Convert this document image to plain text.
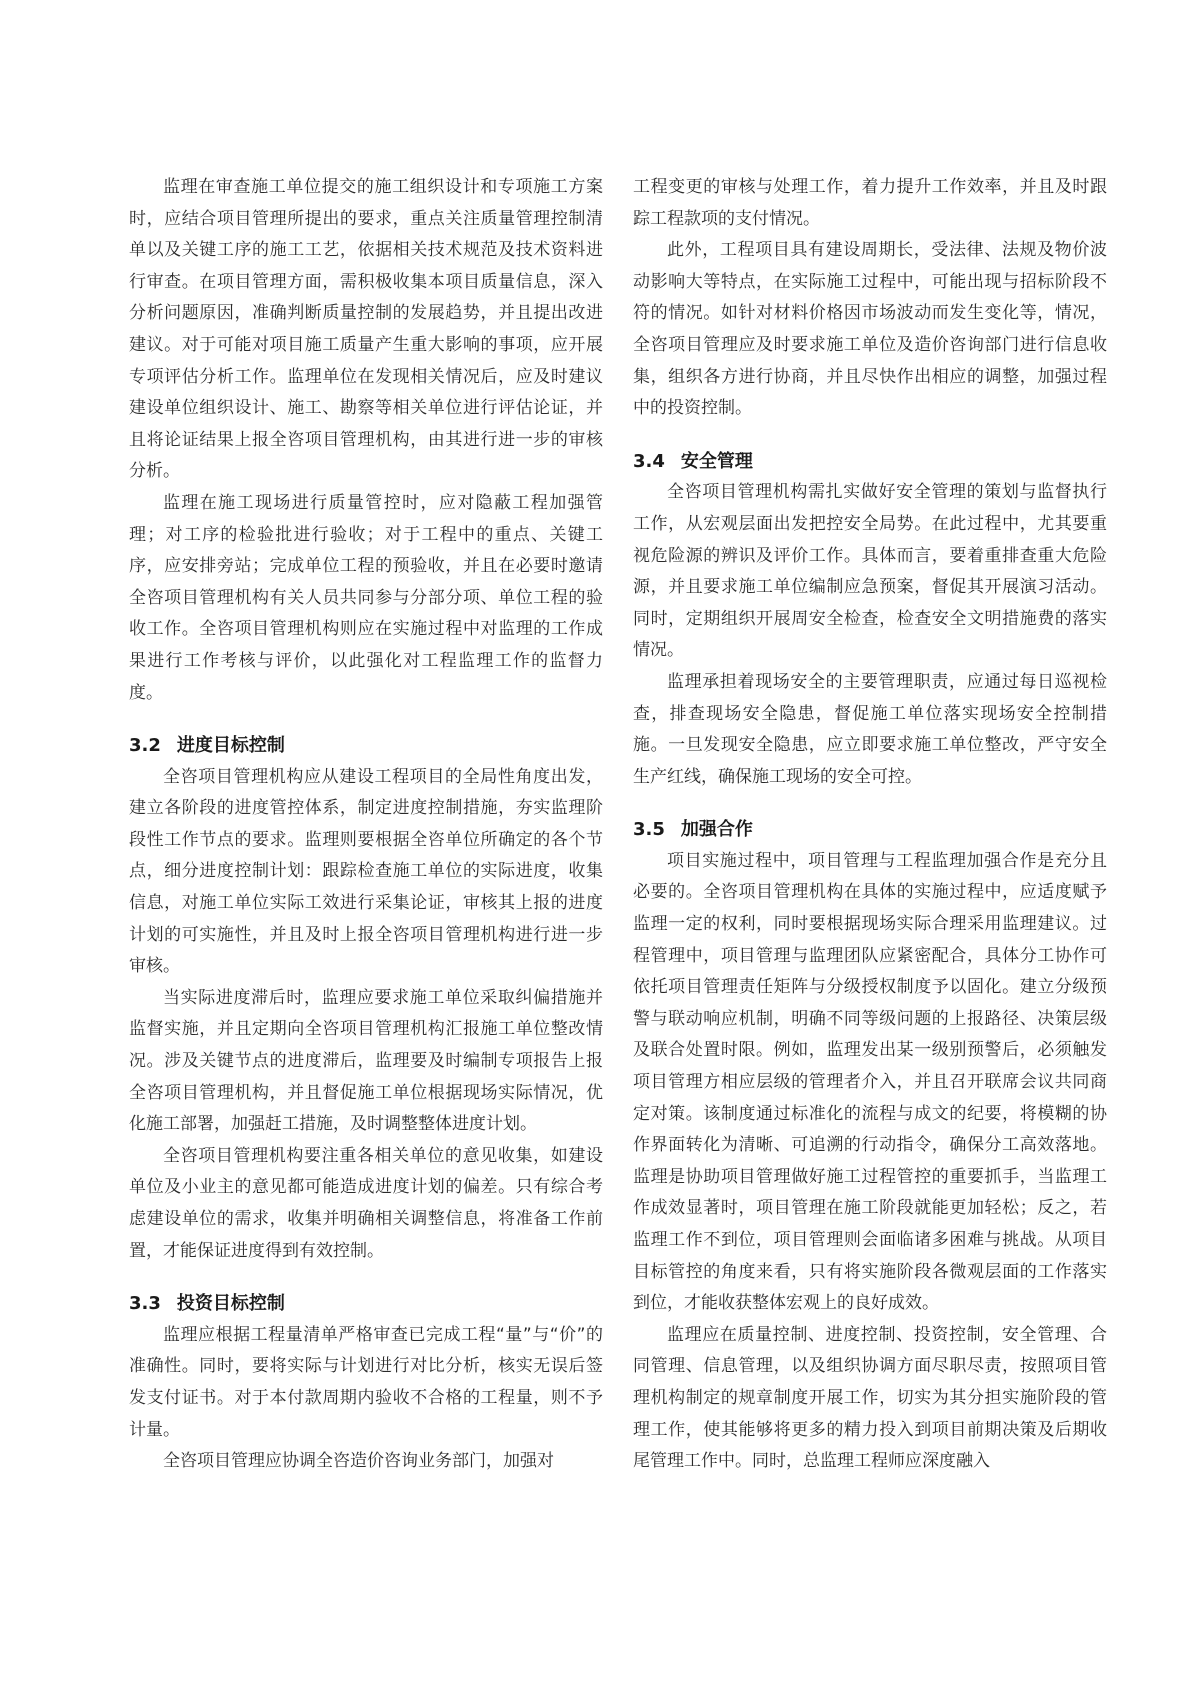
监理在审查施工单位提交的施工组织设计和专项施工方案时，应结合项目管理所提出的要求，重点关注质量管理控制清单以及关键工序的施工工艺，依据相关技术规范及技术资料进行审查。在项目管理方面，需积极收集本项目质量信息，深入分析问题原因，准确判断质量控制的发展趋势，并且提出改进建议。对于可能对项目施工质量产生重大影响的事项，应开展专项评估分析工作。监理单位在发现相关情况后，应及时建议建设单位组织设计、施工、勘察等相关单位进行评估论证，并且将论证结果上报全咨项目管理机构，由其进行进一步的审核分析。

监理在施工现场进行质量管控时，应对隐蔽工程加强管理；对工序的检验批进行验收；对于工程中的重点、关键工序，应安排旁站；完成单位工程的预验收，并且在必要时邀请全咨项目管理机构有关人员共同参与分部分项、单位工程的验收工作。全咨项目管理机构则应在实施过程中对监理的工作成果进行工作考核与评价，以此强化对工程监理工作的监督力度。

3.2 进度目标控制

全咨项目管理机构应从建设工程项目的全局性角度出发，建立各阶段的进度管控体系，制定进度控制措施，夯实监理阶段性工作节点的要求。监理则要根据全咨单位所确定的各个节点，细分进度控制计划：跟踪检查施工单位的实际进度，收集信息，对施工单位实际工效进行采集论证，审核其上报的进度计划的可实施性，并且及时上报全咨项目管理机构进行进一步审核。

当实际进度滞后时，监理应要求施工单位采取纠偏措施并监督实施，并且定期向全咨项目管理机构汇报施工单位整改情况。涉及关键节点的进度滞后，监理要及时编制专项报告上报全咨项目管理机构，并且督促施工单位根据现场实际情况，优化施工部署，加强赶工措施，及时调整整体进度计划。

全咨项目管理机构要注重各相关单位的意见收集，如建设单位及小业主的意见都可能造成进度计划的偏差。只有综合考虑建设单位的需求，收集并明确相关调整信息，将准备工作前置，才能保证进度得到有效控制。

3.3 投资目标控制

监理应根据工程量清单严格审查已完成工程“量”与“价”的准确性。同时，要将实际与计划进行对比分析，核实无误后签发支付证书。对于本付款周期内验收不合格的工程量，则不予计量。

全咨项目管理应协调全咨造价咨询业务部门，加强对

工程变更的审核与处理工作，着力提升工作效率，并且及时跟踪工程款项的支付情况。

此外，工程项目具有建设周期长，受法律、法规及物价波动影响大等特点，在实际施工过程中，可能出现与招标阶段不符的情况。如针对材料价格因市场波动而发生变化等，情况，全咨项目管理应及时要求施工单位及造价咨询部门进行信息收集，组织各方进行协商，并且尽快作出相应的调整，加强过程中的投资控制。

3.4 安全管理

全咨项目管理机构需扎实做好安全管理的策划与监督执行工作，从宏观层面出发把控安全局势。在此过程中，尤其要重视危险源的辨识及评价工作。具体而言，要着重排查重大危险源，并且要求施工单位编制应急预案，督促其开展演习活动。同时，定期组织开展周安全检查，检查安全文明措施费的落实情况。

监理承担着现场安全的主要管理职责，应通过每日巡视检查，排查现场安全隐患，督促施工单位落实现场安全控制措施。一旦发现安全隐患，应立即要求施工单位整改，严守安全生产红线，确保施工现场的安全可控。

3.5 加强合作

项目实施过程中，项目管理与工程监理加强合作是充分且必要的。全咨项目管理机构在具体的实施过程中，应适度赋予监理一定的权利，同时要根据现场实际合理采用监理建议。过程管理中，项目管理与监理团队应紧密配合，具体分工协作可依托项目管理责任矩阵与分级授权制度予以固化。建立分级预警与联动响应机制，明确不同等级问题的上报路径、决策层级及联合处置时限。例如，监理发出某一级别预警后，必须触发项目管理方相应层级的管理者介入，并且召开联席会议共同商定对策。该制度通过标准化的流程与成文的纪要，将模糊的协作界面转化为清晰、可追溯的行动指令，确保分工高效落地。监理是协助项目管理做好施工过程管控的重要抓手，当监理工作成效显著时，项目管理在施工阶段就能更加轻松；反之，若监理工作不到位，项目管理则会面临诸多困难与挑战。从项目目标管控的角度来看，只有将实施阶段各微观层面的工作落实到位，才能收获整体宏观上的良好成效。

监理应在质量控制、进度控制、投资控制，安全管理、合同管理、信息管理，以及组织协调方面尽职尽责，按照项目管理机构制定的规章制度开展工作，切实为其分担实施阶段的管理工作，使其能够将更多的精力投入到项目前期决策及后期收尾管理工作中。同时，总监理工程师应深度融入
